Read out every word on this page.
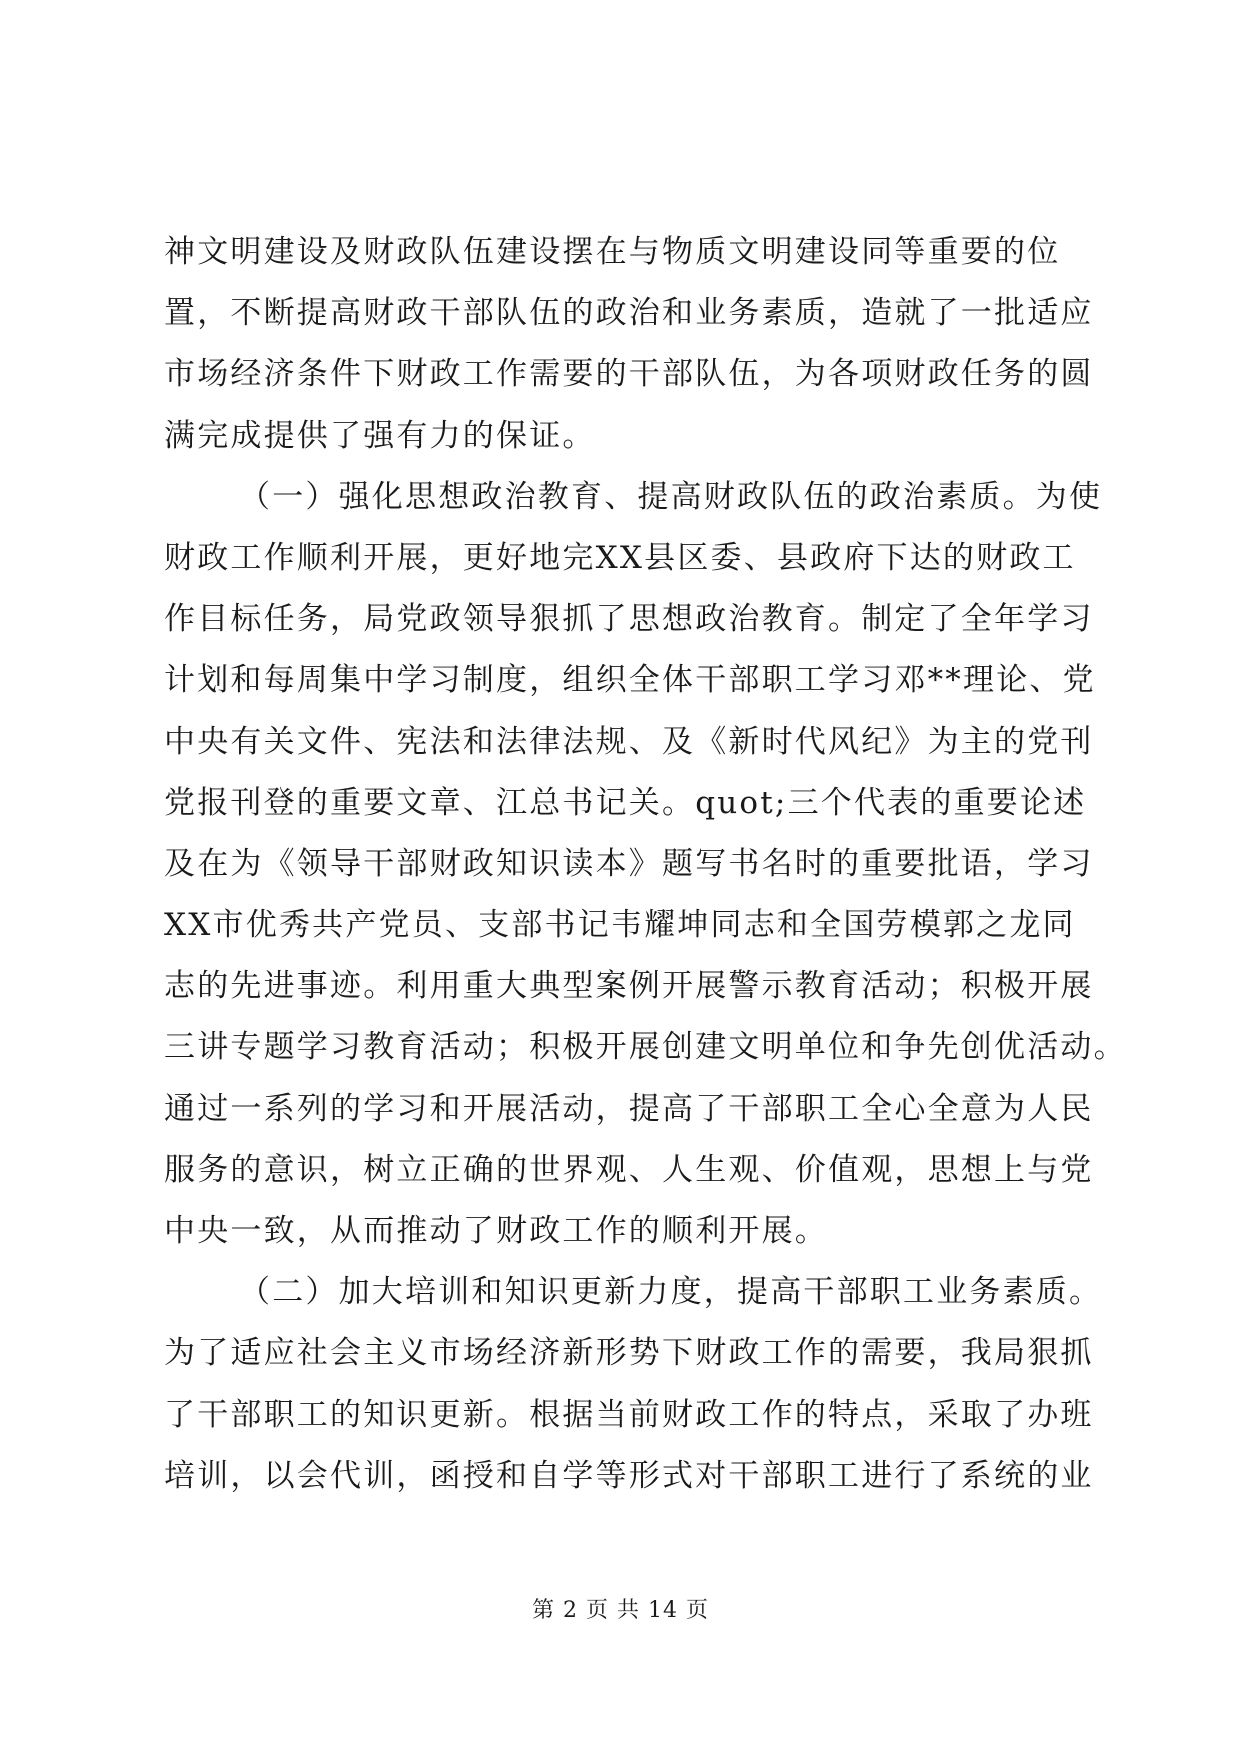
神文明建设及财政队伍建设摆在与物质文明建设同等重要的位
置，不断提高财政干部队伍的政治和业务素质，造就了一批适应
市场经济条件下财政工作需要的干部队伍，为各项财政任务的圆
满完成提供了强有力的保证。
（一）强化思想政治教育、提高财政队伍的政治素质。为使
财政工作顺利开展，更好地完XX县区委、县政府下达的财政工
作目标任务，局党政领导狠抓了思想政治教育。制定了全年学习
计划和每周集中学习制度，组织全体干部职工学习邓**理论、党
中央有关文件、宪法和法律法规、及《新时代风纪》为主的党刊
党报刊登的重要文章、江总书记关。quot;三个代表的重要论述
及在为《领导干部财政知识读本》题写书名时的重要批语，学习
XX市优秀共产党员、支部书记韦耀坤同志和全国劳模郭之龙同
志的先进事迹。利用重大典型案例开展警示教育活动；积极开展
三讲专题学习教育活动；积极开展创建文明单位和争先创优活动。
通过一系列的学习和开展活动，提高了干部职工全心全意为人民
服务的意识，树立正确的世界观、人生观、价值观，思想上与党
中央一致，从而推动了财政工作的顺利开展。
（二）加大培训和知识更新力度，提高干部职工业务素质。
为了适应社会主义市场经济新形势下财政工作的需要，我局狠抓
了干部职工的知识更新。根据当前财政工作的特点，采取了办班
培训，以会代训，函授和自学等形式对干部职工进行了系统的业
第 2 页 共 14 页
